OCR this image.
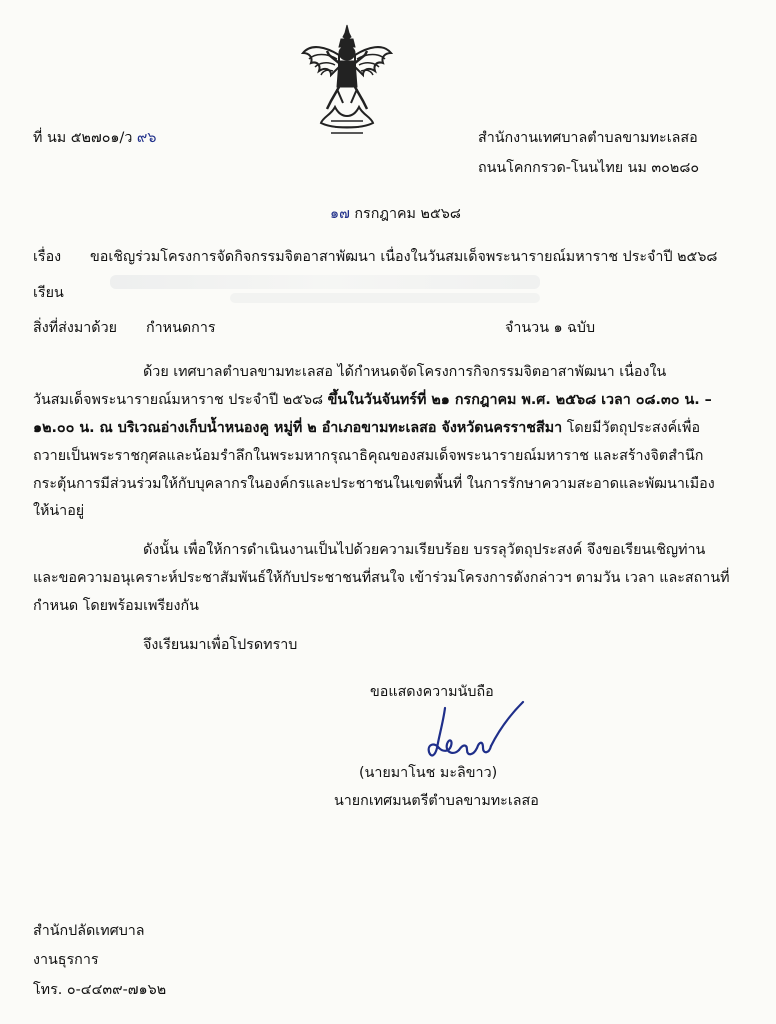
ที่ นม ๕๒๗๐๑/ว ๙๖	สำนักงานเทศบาลตำบลขามทะเลสอ
ถนนโคกกรวด-โนนไทย นม ๓๐๒๘๐
๑๗ กรกฎาคม ๒๕๖๘
เรื่อง ขอเชิญร่วมโครงการจัดกิจกรรมจิตอาสาพัฒนา เนื่องในวันสมเด็จพระนารายณ์มหาราช ประจำปี ๒๕๖๘
เรียน
สิ่งที่ส่งมาด้วย กำหนดการ	จำนวน ๑ ฉบับ
ด้วย เทศบาลตำบลขามทะเลสอ ได้กำหนดจัดโครงการกิจกรรมจิตอาสาพัฒนา เนื่องใน
วันสมเด็จพระนารายณ์มหาราช ประจำปี ๒๕๖๘ ขึ้นในวันจันทร์ที่ ๒๑ กรกฎาคม พ.ศ. ๒๕๖๘ เวลา ๐๘.๓๐ น. –
๑๒.๐๐ น. ณ บริเวณอ่างเก็บน้ำหนองคู หมู่ที่ ๒ อำเภอขามทะเลสอ จังหวัดนครราชสีมา โดยมีวัตถุประสงค์เพื่อ
ถวายเป็นพระราชกุศลและน้อมรำลึกในพระมหากรุณาธิคุณของสมเด็จพระนารายณ์มหาราช และสร้างจิตสำนึก
กระตุ้นการมีส่วนร่วมให้กับบุคลากรในองค์กรและประชาชนในเขตพื้นที่ ในการรักษาความสะอาดและพัฒนาเมือง
ให้น่าอยู่
ดังนั้น เพื่อให้การดำเนินงานเป็นไปด้วยความเรียบร้อย บรรลุวัตถุประสงค์ จึงขอเรียนเชิญท่าน
และขอความอนุเคราะห์ประชาสัมพันธ์ให้กับประชาชนที่สนใจ เข้าร่วมโครงการดังกล่าวฯ ตามวัน เวลา และสถานที่
กำหนด โดยพร้อมเพรียงกัน
จึงเรียนมาเพื่อโปรดทราบ
ขอแสดงความนับถือ
(นายมาโนช มะลิขาว)
นายกเทศมนตรีตำบลขามทะเลสอ
สำนักปลัดเทศบาล
งานธุรการ
โทร. ๐-๔๔๓๙-๗๑๖๒
